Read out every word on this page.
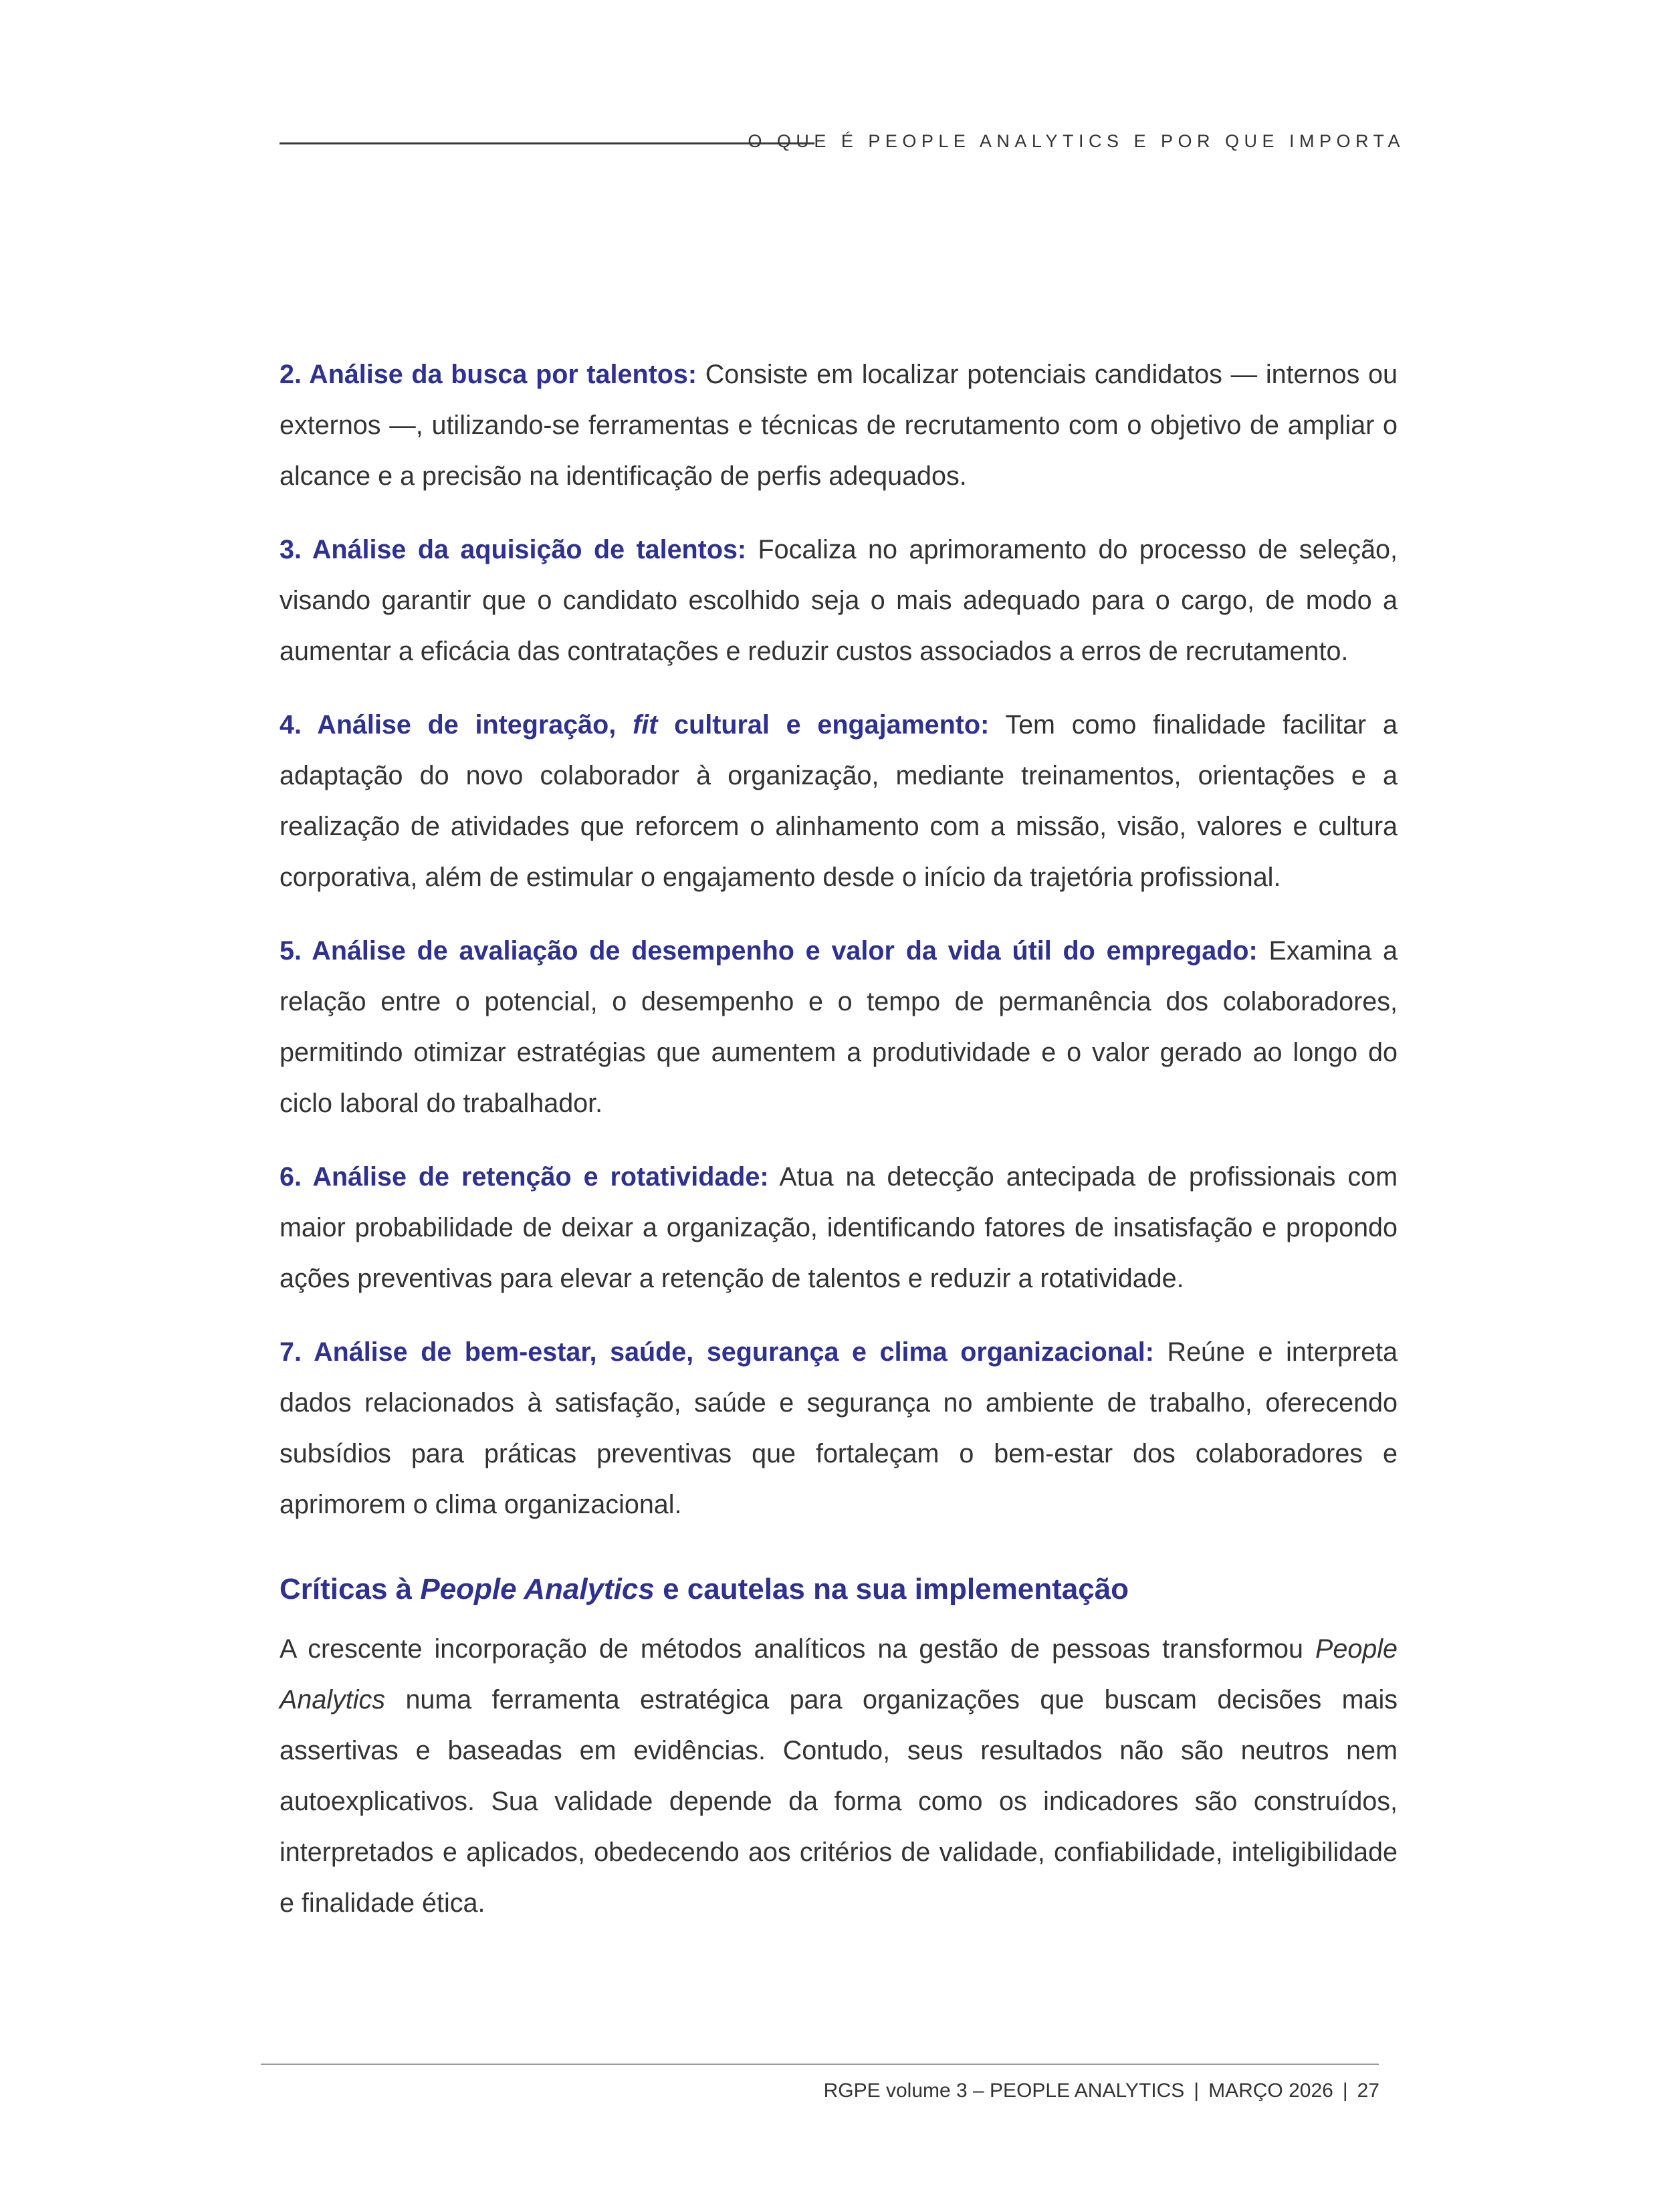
O QUE É PEOPLE ANALYTICS E POR QUE IMPORTA

2. Análise da busca por talentos: Consiste em localizar potenciais candidatos — internos ou externos —, utilizando-se ferramentas e técnicas de recrutamento com o objetivo de ampliar o alcance e a precisão na identificação de perfis adequados.

3. Análise da aquisição de talentos: Focaliza no aprimoramento do processo de seleção, visando garantir que o candidato escolhido seja o mais adequado para o cargo, de modo a aumentar a eficácia das contratações e reduzir custos associados a erros de recrutamento.

4. Análise de integração, fit cultural e engajamento: Tem como finalidade facilitar a adaptação do novo colaborador à organização, mediante treinamentos, orientações e a realização de atividades que reforcem o alinhamento com a missão, visão, valores e cultura corporativa, além de estimular o engajamento desde o início da trajetória profissional.

5. Análise de avaliação de desempenho e valor da vida útil do empregado: Examina a relação entre o potencial, o desempenho e o tempo de permanência dos colaboradores, permitindo otimizar estratégias que aumentem a produtividade e o valor gerado ao longo do ciclo laboral do trabalhador.

6. Análise de retenção e rotatividade: Atua na detecção antecipada de profissionais com maior probabilidade de deixar a organização, identificando fatores de insatisfação e propondo ações preventivas para elevar a retenção de talentos e reduzir a rotatividade.

7. Análise de bem-estar, saúde, segurança e clima organizacional: Reúne e interpreta dados relacionados à satisfação, saúde e segurança no ambiente de trabalho, oferecendo subsídios para práticas preventivas que fortaleçam o bem-estar dos colaboradores e aprimorem o clima organizacional.

Críticas à People Analytics e cautelas na sua implementação

A crescente incorporação de métodos analíticos na gestão de pessoas transformou People Analytics numa ferramenta estratégica para organizações que buscam decisões mais assertivas e baseadas em evidências. Contudo, seus resultados não são neutros nem autoexplicativos. Sua validade depende da forma como os indicadores são construídos, interpretados e aplicados, obedecendo aos critérios de validade, confiabilidade, inteligibilidade e finalidade ética.

RGPE volume 3 – PEOPLE ANALYTICS | MARÇO 2026 | 27
